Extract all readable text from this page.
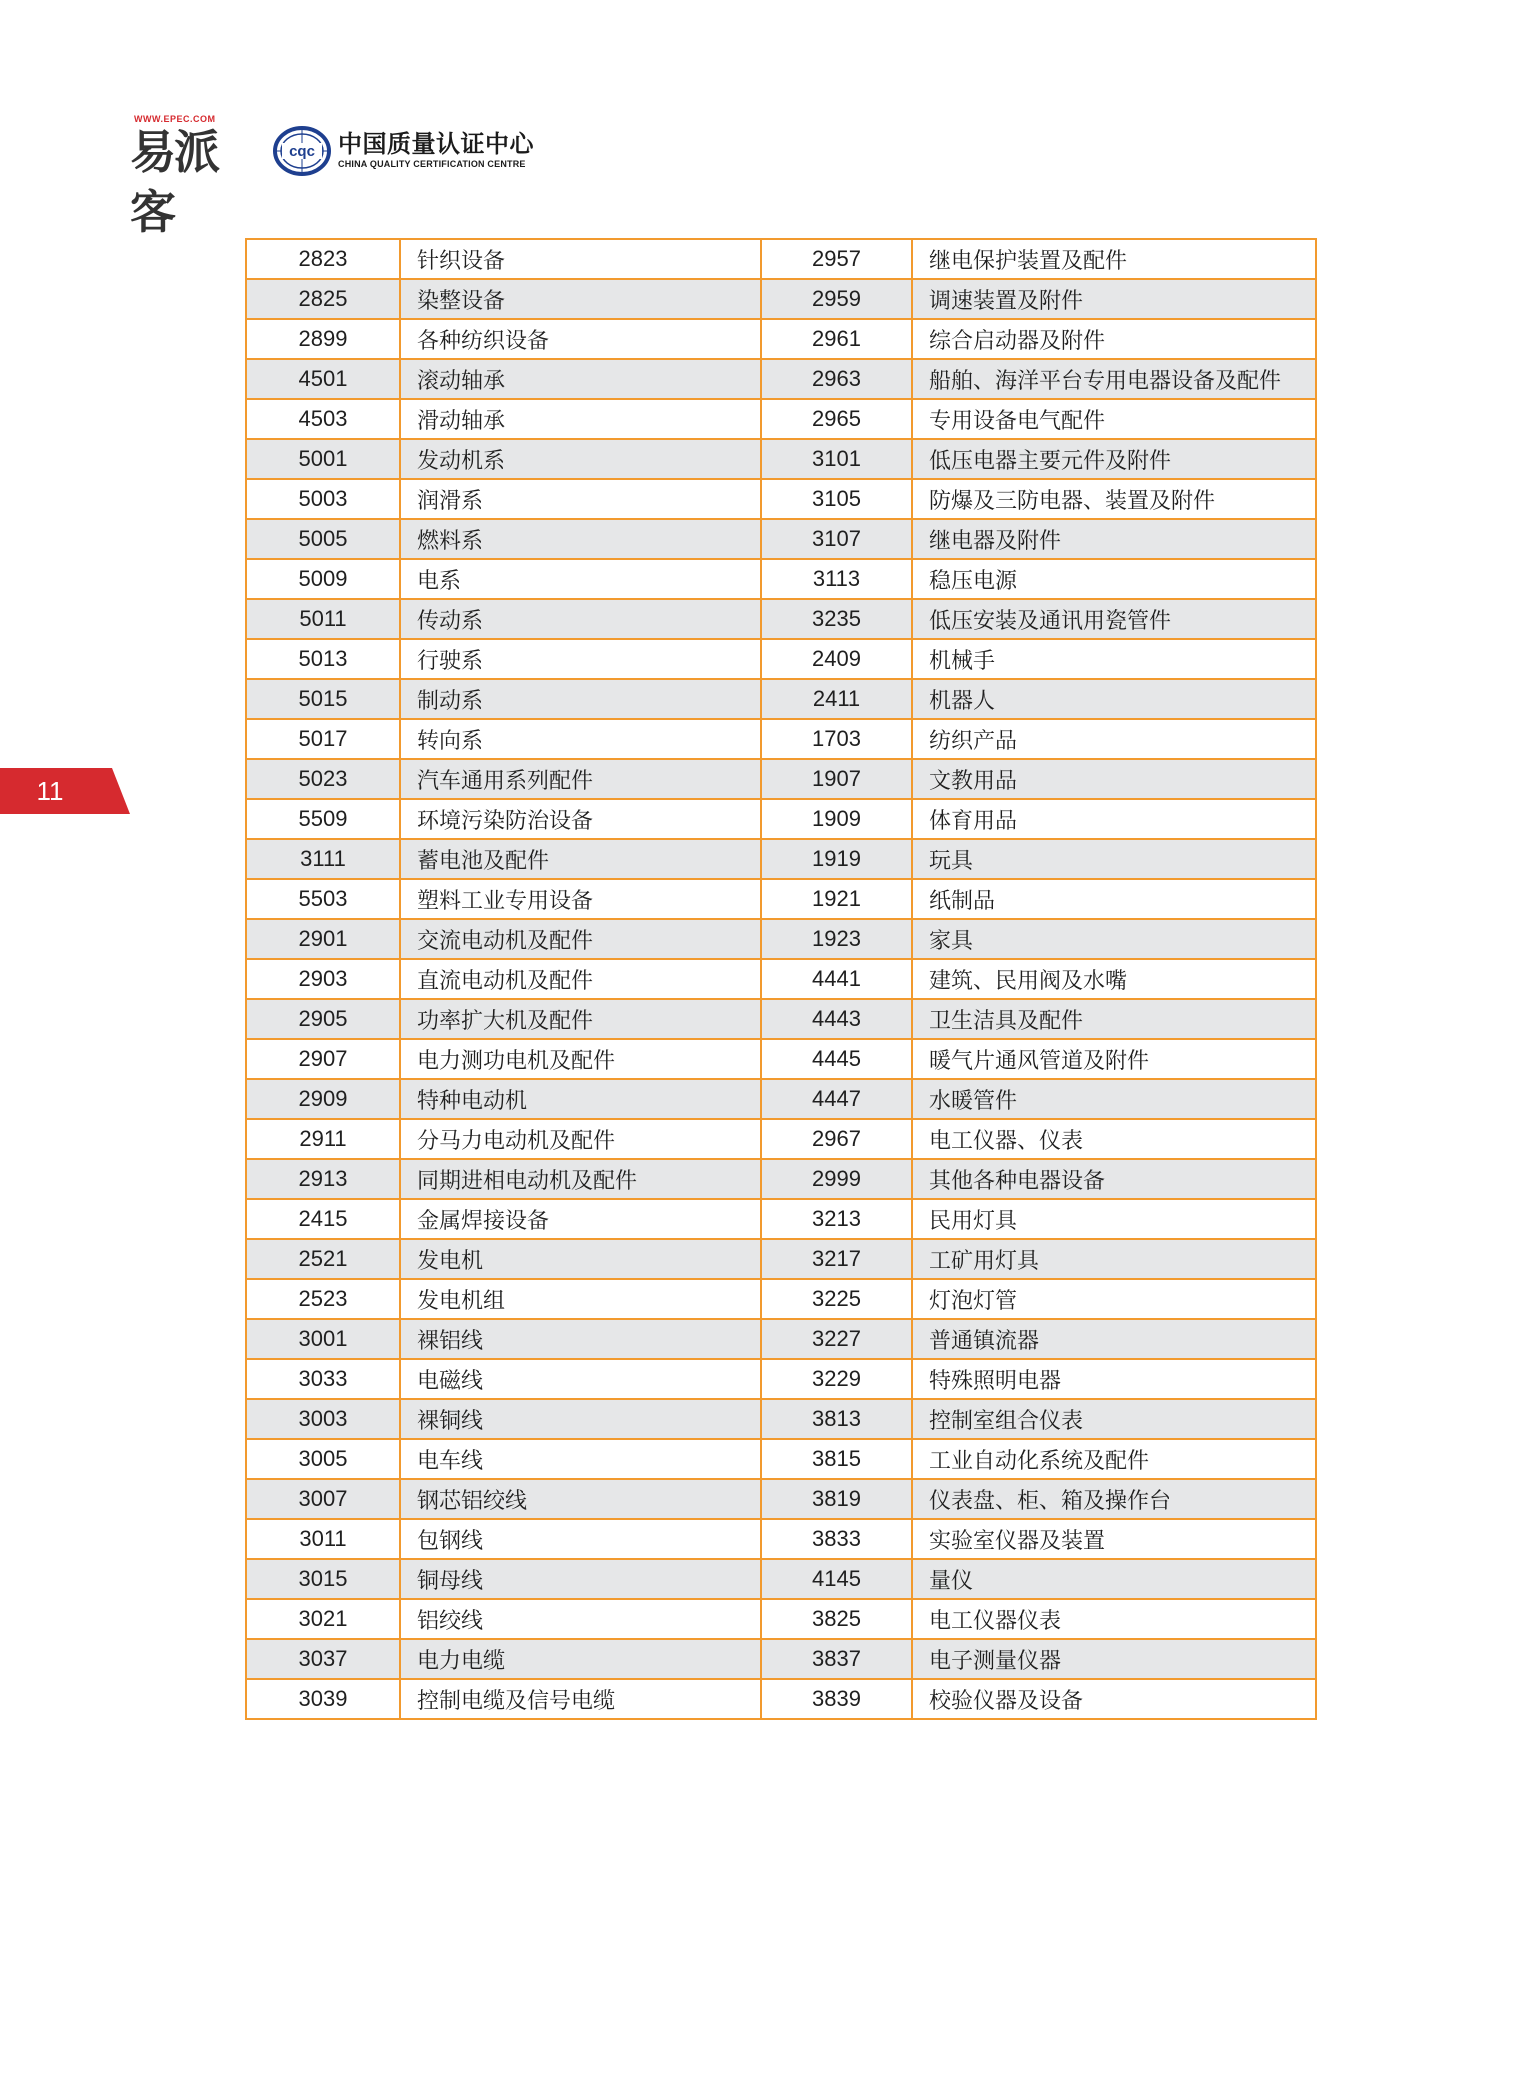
WWW.EPEC.COM
易派客
cqc 中国质量认证中心
CHINA QUALITY CERTIFICATION CENTRE
11
2823	针织设备	2957	继电保护装置及配件
2825	染整设备	2959	调速装置及附件
2899	各种纺织设备	2961	综合启动器及附件
4501	滚动轴承	2963	船舶、海洋平台专用电器设备及配件
4503	滑动轴承	2965	专用设备电气配件
5001	发动机系	3101	低压电器主要元件及附件
5003	润滑系	3105	防爆及三防电器、装置及附件
5005	燃料系	3107	继电器及附件
5009	电系	3113	稳压电源
5011	传动系	3235	低压安装及通讯用瓷管件
5013	行驶系	2409	机械手
5015	制动系	2411	机器人
5017	转向系	1703	纺织产品
5023	汽车通用系列配件	1907	文教用品
5509	环境污染防治设备	1909	体育用品
3111	蓄电池及配件	1919	玩具
5503	塑料工业专用设备	1921	纸制品
2901	交流电动机及配件	1923	家具
2903	直流电动机及配件	4441	建筑、民用阀及水嘴
2905	功率扩大机及配件	4443	卫生洁具及配件
2907	电力测功电机及配件	4445	暖气片通风管道及附件
2909	特种电动机	4447	水暖管件
2911	分马力电动机及配件	2967	电工仪器、仪表
2913	同期进相电动机及配件	2999	其他各种电器设备
2415	金属焊接设备	3213	民用灯具
2521	发电机	3217	工矿用灯具
2523	发电机组	3225	灯泡灯管
3001	裸铝线	3227	普通镇流器
3033	电磁线	3229	特殊照明电器
3003	裸铜线	3813	控制室组合仪表
3005	电车线	3815	工业自动化系统及配件
3007	钢芯铝绞线	3819	仪表盘、柜、箱及操作台
3011	包钢线	3833	实验室仪器及装置
3015	铜母线	4145	量仪
3021	铝绞线	3825	电工仪器仪表
3037	电力电缆	3837	电子测量仪器
3039	控制电缆及信号电缆	3839	校验仪器及设备
